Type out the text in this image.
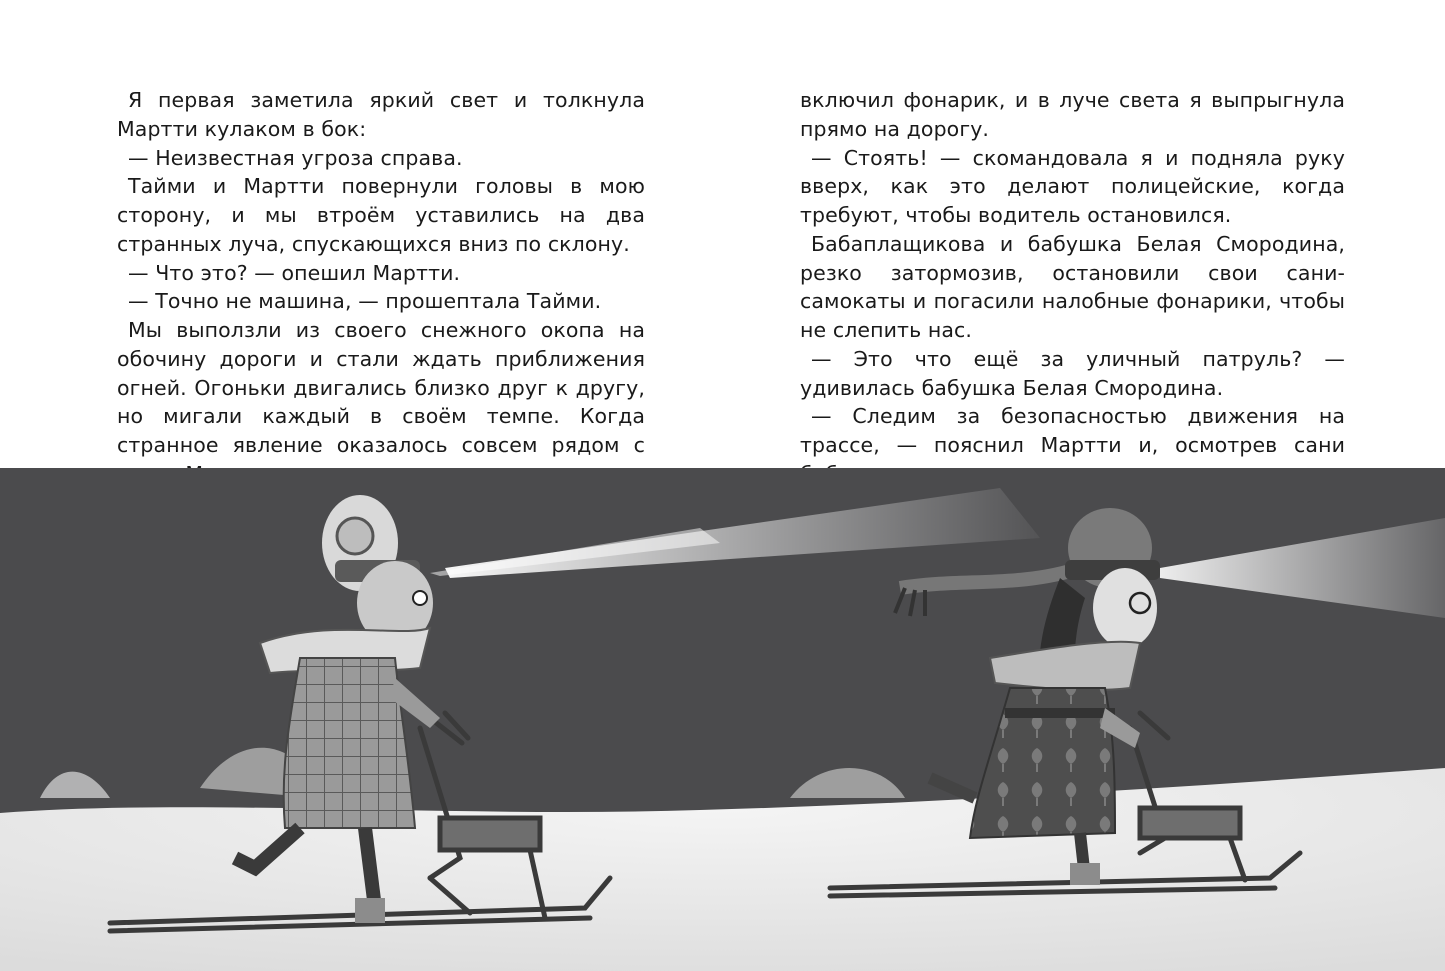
Я первая заметила яркий свет и толкнула Мартти кулаком в бок:

— Неизвестная угроза справа.

Тайми и Мартти повернули головы в мою сторону, и мы втроём уставились на два странных луча, спускающихся вниз по склону.

— Что это? — опешил Мартти.

— Точно не машина, — прошептала Тайми.

Мы выползли из своего снежного окопа на обочину дороги и стали ждать приближения огней. Огоньки двигались близко друг к другу, но мигали каждый в своём темпе. Когда странное явление оказалось совсем рядом с

включил фонарик, и в луче света я выпрыгнула прямо на дорогу.

— Стоять! — скомандовала я и подняла руку вверх, как это делают полицейские, когда требуют, чтобы водитель остановился.

Бабаплащикова и бабушка Белая Смородина, резко затормозив, остановили свои сани-самокаты и погасили налобные фонарики, чтобы не слепить нас.

— Это что ещё за уличный патруль? — удивилась бабушка Белая Смородина.

— Следим за безопасностью движения на трассе, — пояснил Мартти и, осмотрев сани
